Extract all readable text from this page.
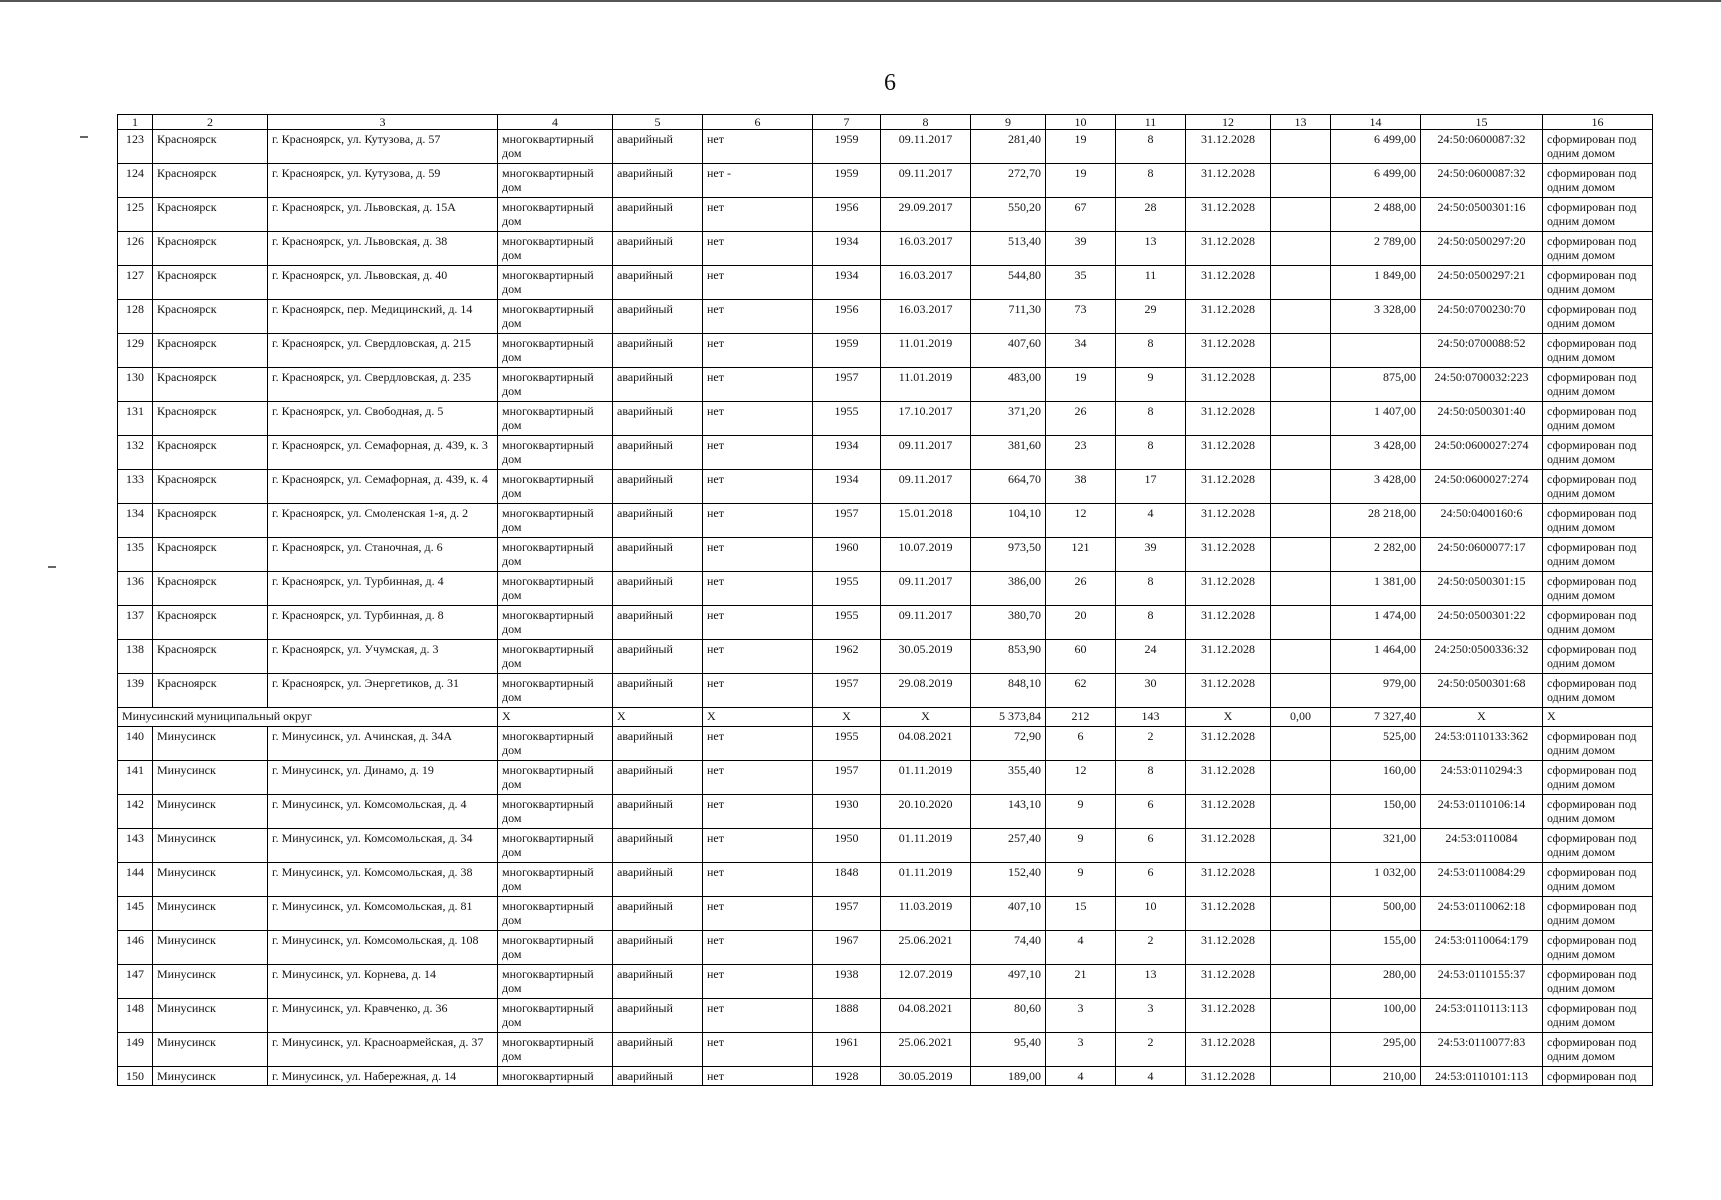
6
1	2	3	4	5	6	7	8	9	10	11	12	13	14	15	16
123	Красноярск	г. Красноярск, ул. Кутузова, д. 57	многоквартирный дом	аварийный	нет	1959	09.11.2017	281,40	19	8	31.12.2028		6 499,00	24:50:0600087:32	сформирован под одним домом
124	Красноярск	г. Красноярск, ул. Кутузова, д. 59	многоквартирный дом	аварийный	нет -	1959	09.11.2017	272,70	19	8	31.12.2028		6 499,00	24:50:0600087:32	сформирован под одним домом
125	Красноярск	г. Красноярск, ул. Львовская, д. 15А	многоквартирный дом	аварийный	нет	1956	29.09.2017	550,20	67	28	31.12.2028		2 488,00	24:50:0500301:16	сформирован под одним домом
126	Красноярск	г. Красноярск, ул. Львовская, д. 38	многоквартирный дом	аварийный	нет	1934	16.03.2017	513,40	39	13	31.12.2028		2 789,00	24:50:0500297:20	сформирован под одним домом
127	Красноярск	г. Красноярск, ул. Львовская, д. 40	многоквартирный дом	аварийный	нет	1934	16.03.2017	544,80	35	11	31.12.2028		1 849,00	24:50:0500297:21	сформирован под одним домом
128	Красноярск	г. Красноярск, пер. Медицинский, д. 14	многоквартирный дом	аварийный	нет	1956	16.03.2017	711,30	73	29	31.12.2028		3 328,00	24:50:0700230:70	сформирован под одним домом
129	Красноярск	г. Красноярск, ул. Свердловская, д. 215	многоквартирный дом	аварийный	нет	1959	11.01.2019	407,60	34	8	31.12.2028			24:50:0700088:52	сформирован под одним домом
130	Красноярск	г. Красноярск, ул. Свердловская, д. 235	многоквартирный дом	аварийный	нет	1957	11.01.2019	483,00	19	9	31.12.2028		875,00	24:50:0700032:223	сформирован под одним домом
131	Красноярск	г. Красноярск, ул. Свободная, д. 5	многоквартирный дом	аварийный	нет	1955	17.10.2017	371,20	26	8	31.12.2028		1 407,00	24:50:0500301:40	сформирован под одним домом
132	Красноярск	г. Красноярск, ул. Семафорная, д. 439, к. 3	многоквартирный дом	аварийный	нет	1934	09.11.2017	381,60	23	8	31.12.2028		3 428,00	24:50:0600027:274	сформирован под одним домом
133	Красноярск	г. Красноярск, ул. Семафорная, д. 439, к. 4	многоквартирный дом	аварийный	нет	1934	09.11.2017	664,70	38	17	31.12.2028		3 428,00	24:50:0600027:274	сформирован под одним домом
134	Красноярск	г. Красноярск, ул. Смоленская 1-я, д. 2	многоквартирный дом	аварийный	нет	1957	15.01.2018	104,10	12	4	31.12.2028		28 218,00	24:50:0400160:6	сформирован под одним домом
135	Красноярск	г. Красноярск, ул. Станочная, д. 6	многоквартирный дом	аварийный	нет	1960	10.07.2019	973,50	121	39	31.12.2028		2 282,00	24:50:0600077:17	сформирован под одним домом
136	Красноярск	г. Красноярск, ул. Турбинная, д. 4	многоквартирный дом	аварийный	нет	1955	09.11.2017	386,00	26	8	31.12.2028		1 381,00	24:50:0500301:15	сформирован под одним домом
137	Красноярск	г. Красноярск, ул. Турбинная, д. 8	многоквартирный дом	аварийный	нет	1955	09.11.2017	380,70	20	8	31.12.2028		1 474,00	24:50:0500301:22	сформирован под одним домом
138	Красноярск	г. Красноярск, ул. Учумская, д. 3	многоквартирный дом	аварийный	нет	1962	30.05.2019	853,90	60	24	31.12.2028		1 464,00	24:250:0500336:32	сформирован под одним домом
139	Красноярск	г. Красноярск, ул. Энергетиков, д. 31	многоквартирный дом	аварийный	нет	1957	29.08.2019	848,10	62	30	31.12.2028		979,00	24:50:0500301:68	сформирован под одним домом
Минусинский муниципальный округ			X	X	X	X	X	5 373,84	212	143	X	0,00	7 327,40	X	X
140	Минусинск	г. Минусинск, ул. Ачинская, д. 34А	многоквартирный дом	аварийный	нет	1955	04.08.2021	72,90	6	2	31.12.2028		525,00	24:53:0110133:362	сформирован под одним домом
141	Минусинск	г. Минусинск, ул. Динамо, д. 19	многоквартирный дом	аварийный	нет	1957	01.11.2019	355,40	12	8	31.12.2028		160,00	24:53:0110294:3	сформирован под одним домом
142	Минусинск	г. Минусинск, ул. Комсомольская, д. 4	многоквартирный дом	аварийный	нет	1930	20.10.2020	143,10	9	6	31.12.2028		150,00	24:53:0110106:14	сформирован под одним домом
143	Минусинск	г. Минусинск, ул. Комсомольская, д. 34	многоквартирный дом	аварийный	нет	1950	01.11.2019	257,40	9	6	31.12.2028		321,00	24:53:0110084	сформирован под одним домом
144	Минусинск	г. Минусинск, ул. Комсомольская, д. 38	многоквартирный дом	аварийный	нет	1848	01.11.2019	152,40	9	6	31.12.2028		1 032,00	24:53:0110084:29	сформирован под одним домом
145	Минусинск	г. Минусинск, ул. Комсомольская, д. 81	многоквартирный дом	аварийный	нет	1957	11.03.2019	407,10	15	10	31.12.2028		500,00	24:53:0110062:18	сформирован под одним домом
146	Минусинск	г. Минусинск, ул. Комсомольская, д. 108	многоквартирный дом	аварийный	нет	1967	25.06.2021	74,40	4	2	31.12.2028		155,00	24:53:0110064:179	сформирован под одним домом
147	Минусинск	г. Минусинск, ул. Корнева, д. 14	многоквартирный дом	аварийный	нет	1938	12.07.2019	497,10	21	13	31.12.2028		280,00	24:53:0110155:37	сформирован под одним домом
148	Минусинск	г. Минусинск, ул. Кравченко, д. 36	многоквартирный дом	аварийный	нет	1888	04.08.2021	80,60	3	3	31.12.2028		100,00	24:53:0110113:113	сформирован под одним домом
149	Минусинск	г. Минусинск, ул. Красноармейская, д. 37	многоквартирный дом	аварийный	нет	1961	25.06.2021	95,40	3	2	31.12.2028		295,00	24:53:0110077:83	сформирован под одним домом
150	Минусинск	г. Минусинск, ул. Набережная, д. 14	многоквартирный	аварийный	нет	1928	30.05.2019	189,00	4	4	31.12.2028		210,00	24:53:0110101:113	сформирован под
